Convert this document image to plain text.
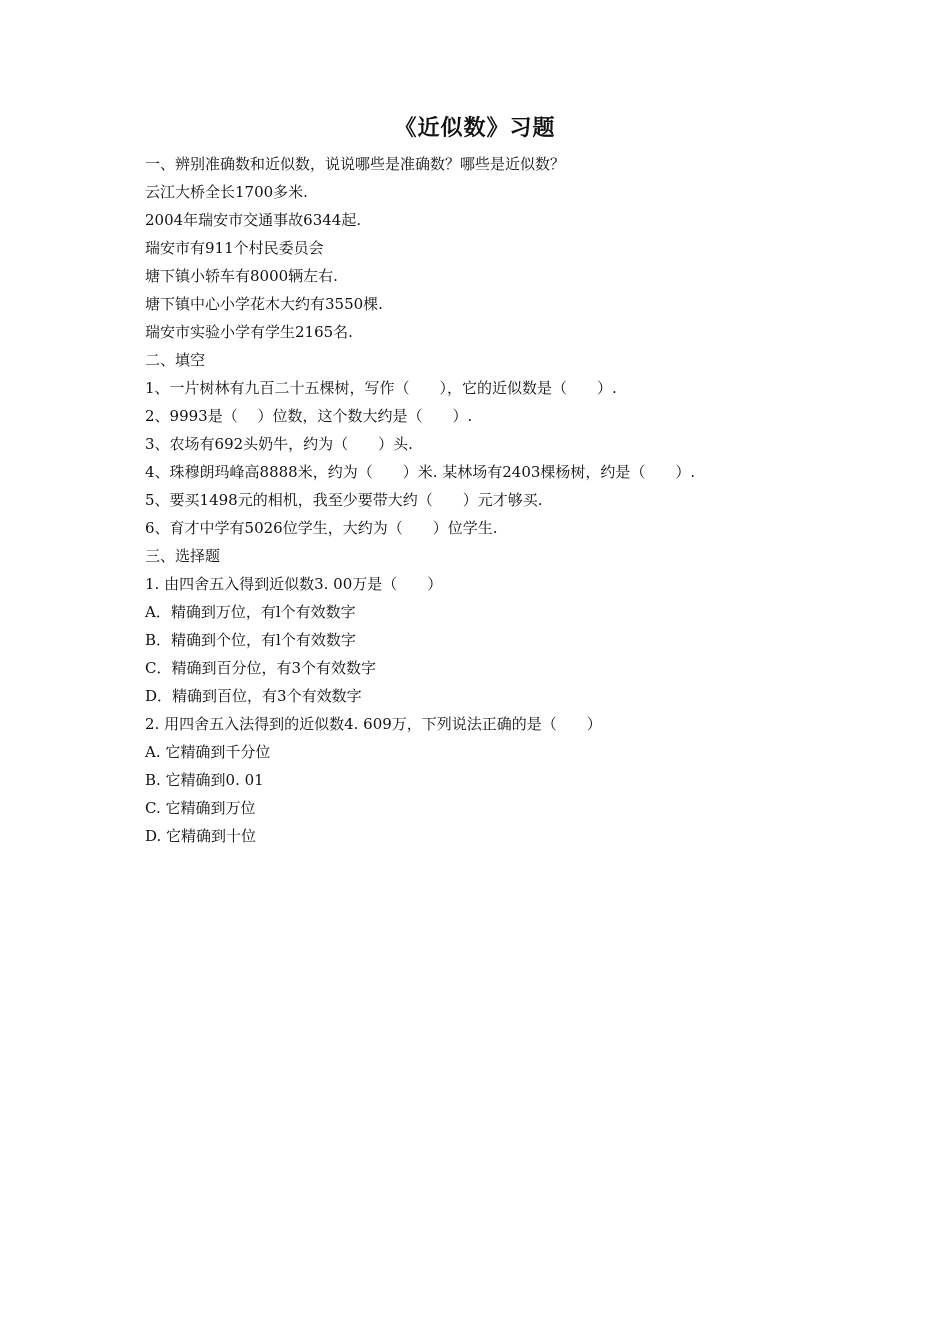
《近似数》习题
一、辨别准确数和近似数，说说哪些是准确数？哪些是近似数？
云江大桥全长1700多米.
2004年瑞安市交通事故6344起.
瑞安市有911个村民委员会
塘下镇小轿车有8000辆左右.
塘下镇中心小学花木大约有3550棵.
瑞安市实验小学有学生2165名.
二、填空
1、一片树林有九百二十五棵树，写作（　　），它的近似数是（　　）.
2、9993是（　 ）位数，这个数大约是（　　）.
3、农场有692头奶牛，约为（　　）头.
4、珠穆朗玛峰高8888米，约为（　　）米. 某林场有2403棵杨树，约是（　　）.
5、要买1498元的相机，我至少要带大约（　　）元才够买.
6、育才中学有5026位学生，大约为（　　）位学生.
三、选择题
1. 由四舍五入得到近似数3. 00万是（　　）
A．精确到万位，有l个有效数字
B．精确到个位，有l个有效数字
C．精确到百分位，有3个有效数字
D．精确到百位，有3个有效数字
2. 用四舍五入法得到的近似数4. 609万，下列说法正确的是（　　）
A. 它精确到千分位
B. 它精确到0. 01
C. 它精确到万位
D. 它精确到十位
